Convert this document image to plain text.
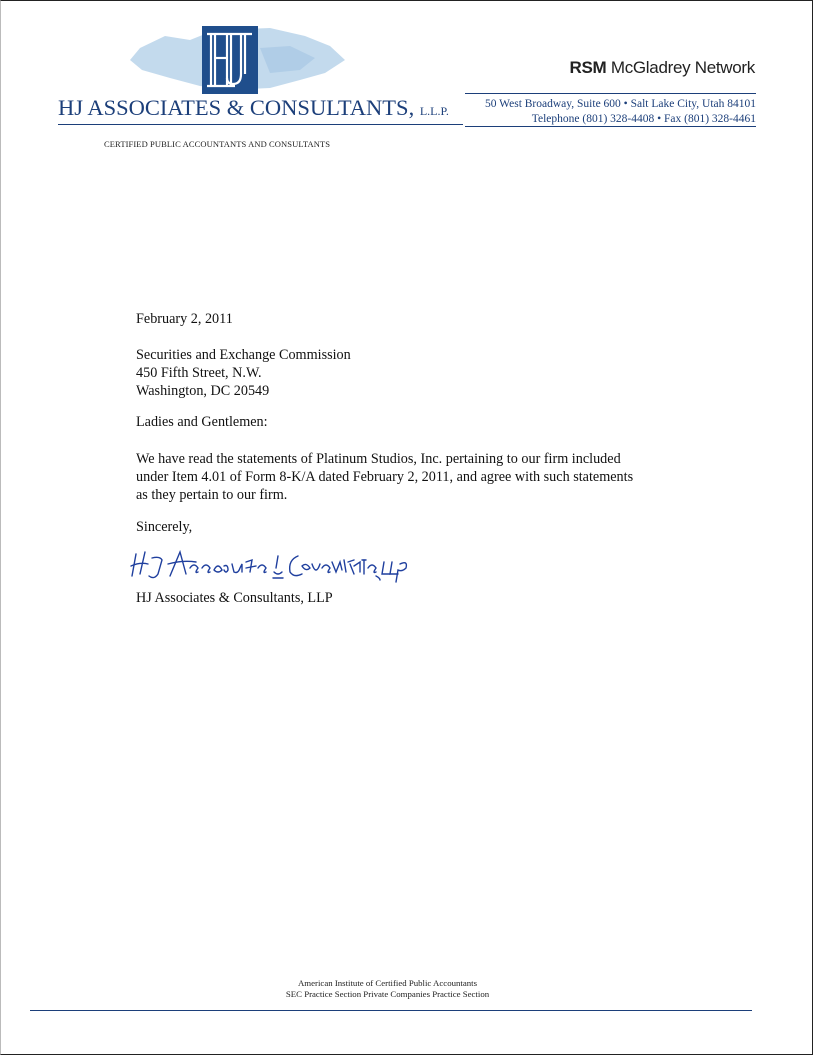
HJ ASSOCIATES & CONSULTANTS, L.L.P.
RSM McGladrey Network
50 West Broadway, Suite 600 • Salt Lake City, Utah 84101
Telephone (801) 328-4408 • Fax (801) 328-4461
CERTIFIED PUBLIC ACCOUNTANTS AND CONSULTANTS
February 2, 2011
Securities and Exchange Commission
450 Fifth Street, N.W.
Washington, DC 20549
Ladies and Gentlemen:
We have read the statements of Platinum Studios, Inc. pertaining to our firm included
under Item 4.01 of Form 8-K/A dated February 2, 2011, and agree with such statements
as they pertain to our firm.
Sincerely,
HJ Associates & Consultants, LLP
American Institute of Certified Public Accountants
SEC Practice Section Private Companies Practice Section
